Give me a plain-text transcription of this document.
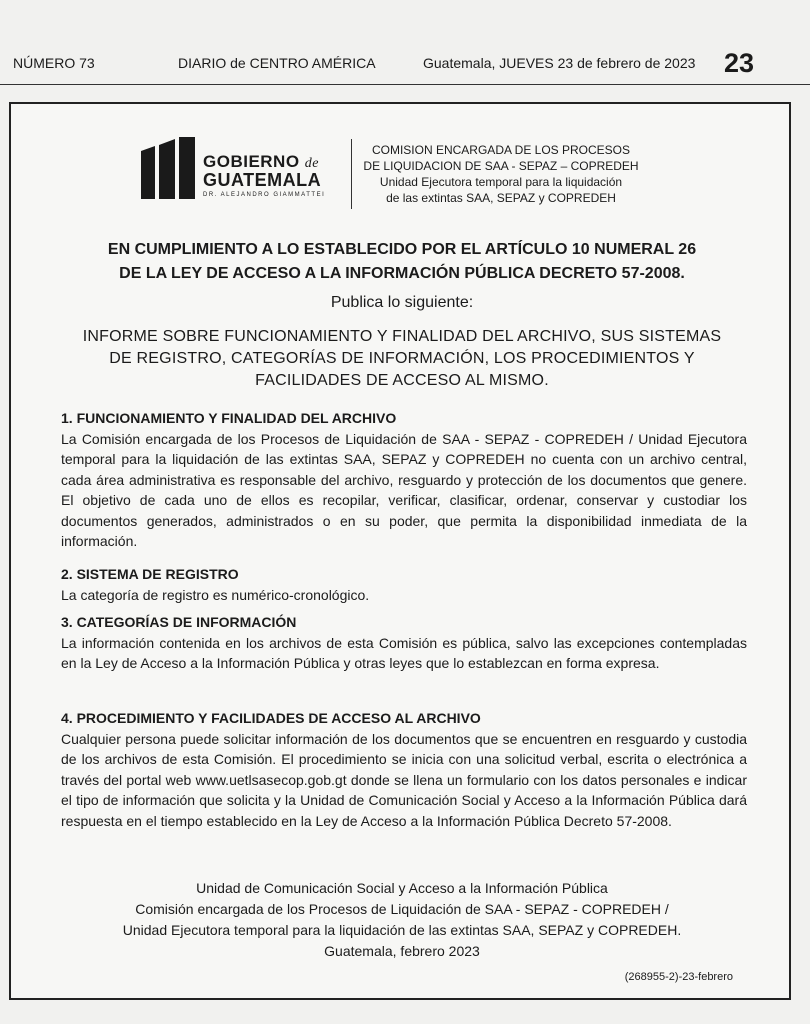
NÚMERO 73	DIARIO de CENTRO AMÉRICA	Guatemala, JUEVES 23 de febrero de 2023 23
GOBIERNO de
GUATEMALA
DR. ALEJANDRO GIAMMATTEI
COMISION ENCARGADA DE LOS PROCESOS
DE LIQUIDACION DE SAA - SEPAZ – COPREDEH
Unidad Ejecutora temporal para la liquidación
de las extintas SAA, SEPAZ y COPREDEH
EN CUMPLIMIENTO A LO ESTABLECIDO POR EL ARTÍCULO 10 NUMERAL 26
DE LA LEY DE ACCESO A LA INFORMACIÓN PÚBLICA DECRETO 57-2008.
Publica lo siguiente:
INFORME SOBRE FUNCIONAMIENTO Y FINALIDAD DEL ARCHIVO, SUS SISTEMAS
DE REGISTRO, CATEGORÍAS DE INFORMACIÓN, LOS PROCEDIMIENTOS Y
FACILIDADES DE ACCESO AL MISMO.
1. FUNCIONAMIENTO Y FINALIDAD DEL ARCHIVO

La Comisión encargada de los Procesos de Liquidación de SAA - SEPAZ - COPREDEH / Unidad Ejecutora temporal para la liquidación de las extintas SAA, SEPAZ y COPREDEH no cuenta con un archivo central, cada área administrativa es responsable del archivo, resguardo y protección de los documentos que genere. El objetivo de cada uno de ellos es recopilar, verificar, clasificar, ordenar, conservar y custodiar los documentos generados, administrados o en su poder, que permita la disponibilidad inmediata de la información.

2. SISTEMA DE REGISTRO

La categoría de registro es numérico-cronológico.

3. CATEGORÍAS DE INFORMACIÓN

La información contenida en los archivos de esta Comisión es pública, salvo las excepciones contempladas en la Ley de Acceso a la Información Pública y otras leyes que lo establezcan en forma expresa.

4. PROCEDIMIENTO Y FACILIDADES DE ACCESO AL ARCHIVO

Cualquier persona puede solicitar información de los documentos que se encuentren en resguardo y custodia de los archivos de esta Comisión. El procedimiento se inicia con una solicitud verbal, escrita o electrónica a través del portal web www.uetlsasecop.gob.gt donde se llena un formulario con los datos personales e indicar el tipo de información que solicita y la Unidad de Comunicación Social y Acceso a la Información Pública dará respuesta en el tiempo establecido en la Ley de Acceso a la Información Pública Decreto 57-2008.

Unidad de Comunicación Social y Acceso a la Información Pública
Comisión encargada de los Procesos de Liquidación de SAA - SEPAZ - COPREDEH /
Unidad Ejecutora temporal para la liquidación de las extintas SAA, SEPAZ y COPREDEH.
Guatemala, febrero 2023
(268955-2)-23-febrero
